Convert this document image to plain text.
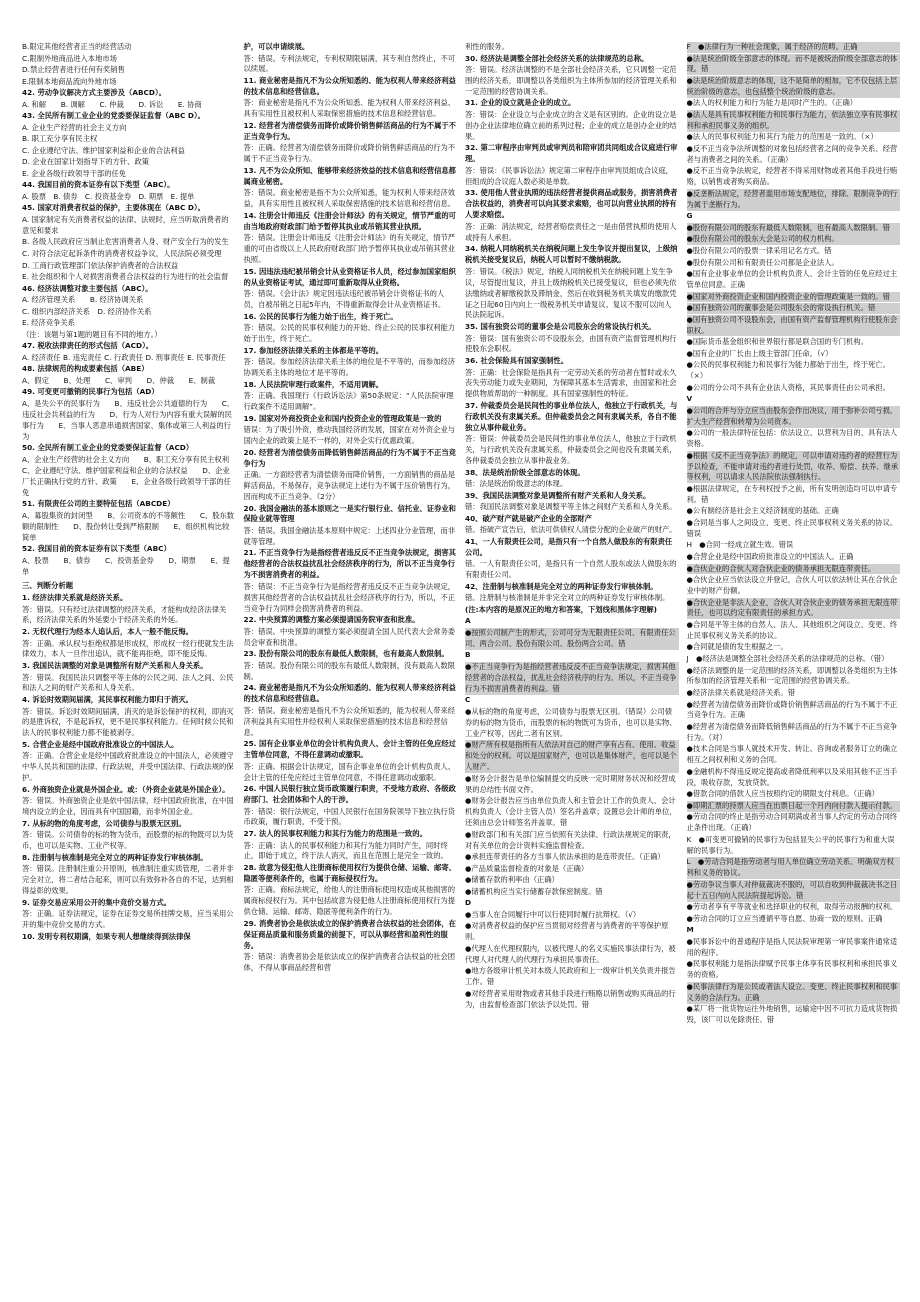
B.限定其他经营者正当的经营活动

C.限制外地商品进入本地市场

D.禁止经营者进行任何有奖销售

E.限制本地商品流向外地市场

42. 劳动争议解决方式主要涉及（ABCD）。

A. 和解　　B. 调解　　C. 仲裁　　D. 诉讼　　E. 协商

43. 全民所有制工业企业的党委要保证监督（ABC D）。

A. 企业生产经营的社会主义方向

B. 职工充分享有民主权

C. 企业遵纪守法、维护国家利益和企业的合法利益

D. 企业在国家计划指导下的方针、政策

E. 企业各级行政领导干部的任免

44. 我国目前的资本证券有以下类型（ABC）。

A. 股票　B. 债券　C. 投资基金券　D. 期票　E. 提单

45. 国家对消费者权益的保护，主要体现在（ABC D）。

A. 国家制定有关消费者权益的法律、法规时，应当听取消费者的意见和要求

B. 各级人民政府应当制止危害消费者人身、财产安全行为的发生

C. 对符合法定起诉条件的消费者权益争议，人民法院必须受理

D. 工商行政管理部门依法保护消费者的合法权益

E. 社会组织和个人对损害消费者合法权益的行为进行的社会监督

46. 经济法调整对象主要包括（ABC）。

A. 经济管理关系　　B. 经济协调关系

C. 组织内部经济关系　D. 经济协作关系

E. 经济竞争关系

（注：该题与第1题的题目有不同的地方。）

47. 税收法律责任的形式包括（ACD）。

A. 经济责任 B. 违宪责任 C. 行政责任 D. 刑事责任 E. 民事责任

48. 法律规范的构成要素包括（ABE）

A、假定　　B、处理　　C、审判　　D、仲裁　　E、制裁

49. 可变更可撤销的民事行为包括（AD）

A、是失公平的民事行为　　B、违反社会公共道德的行为　　C、违反社会共利益的行为　　D、行为人对行为内容有重大误解的民事行为　　E、当事人恶意串通损害国家、集体或第三人利益的行为

50. 全民所有制工业企业的党委要保证监督（ACD）

A、企业生产经营的社会主义方向　　B、职工充分享有民主权利　　C、企业遵纪守法、维护国家利益和企业的合法权益　　D、企业厂长正确执行党的方针、政策　　E、企业各级行政领导干部的任免

51. 有限责任公司的主要特征包括（ABCDE）

A、募股集资的封闭型　　B、公司资本的不等额性　　C、股东数额的限制性　　D、股份转让受到严格限制　　E、组织机构比较简单

52. 我国目前的资本证券有以下类型（ABC）

A、股票　　B、债券　　C、投资基金券　　D、期票　　E、提单

三、判断分析题

1. 经济法律关系就是经济关系。

答：错误。只有经过法律调整的经济关系，才能构成经济法律关系，经济法律关系的外延要小于经济关系的外延。

2. 无权代理行为经本人追认后，本人一般不能反悔。

答：正确。承认权与拒绝权都是形成权，形成权一经行使就发生法律效力，本人一旦作出追认，就不能再拒绝，即不能反悔。

3. 我国民法调整的对象是调整所有财产关系和人身关系。

答：错误。我国民法只调整平等主体的公民之间、法人之间、公民和法人之间的财产关系和人身关系。

4. 诉讼时效期间届满，其民事权利能力即归于消灭。

答：错误。诉讼时效期间届满，消灭的是诉讼保护的权利，即消灭的是胜诉权，不是起诉权，更不是民事权利能力。任何时候公民和法人的民事权利能力都不能被剥夺。

5. 合营企业是经中国政府批准设立的中国法人。

答：正确。合营企业是经中国政府批准设立的中国法人，必须遵守中华人民共和国的法律、行政法规，并受中国法律、行政法规的保护。

6. 外商独资企业就是外国企业。或：（外资企业就是外国企业）。

答：错误。外商独资企业是依中国法律，经中国政府批准，在中国境内设立的企业，因而具有中国国籍，而非外国企业。

7. 从标的物的角度考虑，公司债券与股票无区别。

答：错误。公司债券的标的物为货币，而股票的标的物既可以为货币，也可以是实物、工业产权等。

8. 注册制与核准制是完全对立的两种证券发行审核体制。

答：错误。注册制注重公开原则，核准制注重实质管理，二者并非完全对立，将二者结合起来，则可以有效弥补各自的不足，达到相得益彰的效果。

9. 证券交易应采用公开的集中竞价交易方式。

答：正确。证券法规定，证券在证券交易所挂牌交易，应当采用公开的集中竞价交易的方式。

10. 发明专利权期满，如果专利人想继续得到法律保

护，可以申请续展。

答：错误。专利法规定，专利权期限届满，其专利自然终止，不可以续展。

11. 商业秘密是指凡不为公众所知悉的、能为权利人带来经济利益的技术信息和经营信息。

答：商业秘密是指凡不为公众所知悉、能为权利人带来经济利益、具有实用性且被权利人采取保密措施的技术信息和经营信息。

12. 经营者为清偿债务而降价或降价销售鲜活商品的行为不属于不正当竞争行为。

答：正确。经营者为清偿债务而降价或降价销售鲜活商品的行为不属于不正当竞争行为。

13. 凡不为公众所知、能够带来经济效益的技术信息和经营信息都属商业秘密。

答：错误。商业秘密是指不为公众所知悉，能为权利人带来经济效益，具有实用性且被权利人采取保密措施的技术信息和经营信息。

14. 注册会计师违反《注册会计师法》的有关规定，情节严重的可由当地政府财政部门给予暂停其执业或吊销其营业执照。

答：错误。注册会计师违反《注册会计师法》的有关规定，情节严重的可由省级以上人民政府财政部门给予暂停其执业或吊销其营业执照。

15. 因违法违纪被吊销会计从业资格证书人员，经过参加国家组织的从业资格证考试，通过即可重新取得从业资格。

答：错误。《会计法》规定因违法违纪被吊销会计资格证书的人员，自被吊销之日起5年内，不得重新取得会计从业资格证书。

16. 公民的民事行为能力始于出生，终于死亡。

答：错误。公民的民事权利能力的开始、终止公民的民事权利能力始于出生，终于死亡。

17. 参加经济法律关系的主体都是平等的。

答：错误。参加经济法律关系主体的地位是不平等的，而参加经济协调关系主体的地位才是平等的。

18. 人民法院审理行政案件，不适用调解。

答：正确。我国现行《行政诉讼法》第50条规定：“人民法院审理行政案件不适用调解”。

19. 国家对外商投资企业和国内投资企业的管理政策是一致的

错误：为了吸引外资，推动我国经济的发展，国家在对外资企业与国内企业的政策上是不一样的，对外企实行优惠政策。

20. 经营者为清偿债务而降低销售鲜活商品的行为不属于不正当竞争行为

正确。一方面经营者为清偿债务而降价销售，一方面销售的商品是鲜活商品，不易保存，竞争法规定上述行为不属于压价销售行为，因而构成不正当竞争。（2分）

20. 我国金融法的基本原则之一是实行银行业、信托业、证券业和保险业就等管理

答：错误。我国金融法基本原则中规定：上述四业分业管理，而非就等管理。

21. 不正当竞争行为是指经营者违反反不正当竞争法规定，损害其他经营者的合法权益扰乱社会经济秩序的行为，所以不正当竞争行为不损害消费者的利益。

答：错误：不正当竞争行为是指经营者违反反不正当竞争法规定，损害其他经营者的合法权益扰乱社会经济秩序的行为，所以，不正当竞争行为同样会损害消费者的利益。

22. 中央预算的调整方案必须提请国务院审查和批准。

答：错误。中央预算的调整方案必须提请全国人民代表大会常务委员会审查和批准。

23. 股份有限公司的股东有最低人数限制，也有最高人数限制。

答：错误。股份有限公司的股东有最低人数限制，没有最高人数限制。

24. 商业秘密是指凡不为公众所知悉的、能为权利人带来经济利益的技术信息和经营信息。

答：错误。商业秘密是指凡不为公众所知悉的，能为权利人带来经济利益具有实用性并经权利人采取保密措施的技术信息和经营信息。

25. 国有企业事业单位的会计机构负责人、会计主管的任免应经过主管单位同意，不得任意调动或撤职。

答：正确。根据会计法规定，国有企事业单位的会计机构负责人、会计主管的任免应经过主管单位同意，不得任意调动或撤职。

26. 中国人民银行独立货币政策履行职责，不受地方政府、各级政府部门、社会团体和个人的干涉。

答：错误：银行法规定，中国人民银行在国务院领导下独立执行货币政策，履行职责，不受干预。

27. 法人的民事权利能力和其行为能力的范围是一致的。

答：正确：法人的民事权利能力和其行为能力同时产生，同时终止，即始于成立，终于法人消灭，而且在范围上是完全一致的。

28. 故意为侵犯他人注册商标使用权行为提供仓储、运输、邮寄、隐匿等便利条件的，也属于商标侵权行为。

答：正确。商标法规定，给他人的注册商标使用权造成其他损害的属商标侵权行为。其中包括故意为侵犯他人注册商标使用权行为提供仓储、运输、邮寄、隐匿等便利条件的行为。

29. 消费者协会是依法成立的保护消费者合法权益的社会团体，在保证商品质量和服务质量的前提下，可以从事经营和盈利性的服务。

答：错误：消费者协会是依法成立的保护消费者合法权益的社会团体，不得从事商品经营和营

利性的服务。

30. 经济法是调整全部社会经济关系的法律规范的总称。

答：错误。经济法调整的不是全部社会经济关系，它只调整一定范围的经济关系，即调整以各类组织为主体所参加的经济管理关系和一定范围的经营协调关系。

31. 企业的设立就是企业的成立。

答：错误：企业设立与企业成立的含义是有区别的。企业的设立是创办企业法律地位确立前的系列过程；企业的成立是创办企业的结果。

32. 第二审程序由审判员或审判员和陪审团共同组成合议庭进行审理。

答：错误：《民事诉讼法》规定第二审程序由审判员组成合议庭，但组成的合议庭人数必须是单数。

33. 使用他人营业执照的违法经营者提供商品或服务，损害消费者合法权益的，消费者可以向其要求索赔，也可以向营业执照的持有人要求赔偿。

答：正确：消法规定，经营者赔偿责任之一是由借营执照的使用人或持有人承担。

34. 纳税人同纳税机关在纳税问题上发生争议并提出复议，上级纳税机关接受复议后，纳税人可以暂时不缴纳税款。

答：错误。《税法》规定，纳税人同纳税机关在纳税问题上发生争议，尽管提出复议，并且上级纳税机关已接受复议，但也必须先依法缴纳或者解缴税款及滞纳金，然后在收到税务机关填发的缴款凭证之日起60日内向上一级税务机关申请复议。复议不服可以向人民法院起诉。

35. 国有独资公司的董事会是公司股东会的常设执行机关。

答：错误：国有独资公司不设股东会，由国有资产监督管理机构行使股东会职权。

36. 社会保险具有国家强制性。

答：正确：社会保险是指具有一定劳动关系的劳动者在暂时或永久丧失劳动能力或失业期间，为保障其基本生活需求，由国家和社会提供物质帮助的一种制度。具有国家强制性的特征。

37. 仲裁委员会是民间性的事业单位法人，他独立于行政机关，与行政机关没有隶属关系。但仲裁委员会之间有隶属关系，各自不能独立从事仲裁业务。

答：错误：仲裁委员会是民间性的事业单位法人，他独立于行政机关，与行政机关没有隶属关系，仲裁委员会之间也没有隶属关系，各仲裁委员会独立从事仲裁业务。

38、法是统治阶级全部意志的体现。

错：法是统治阶级意志的体现。

39、我国民法调整对象是调整所有财产关系和人身关系。

错：我国民法调整对象是调整平等主体之间财产关系和人身关系。

40、破产财产就是破产企业的全部财产

错。指破产宣告后，依法可供债权人清偿分配的企业破产的财产。

41、一人有限责任公司，是指只有一个自然人做股东的有限责任公司。

错。一人有限责任公司，是指只有一个自然人股东或法人做股东的有限责任公司。

42、注册制与核准制是完全对立的两种证券发行审核体制。

错。注册制与核准制是并非完全对立的两种证券发行审核体制。

(注:本内容的是原况正的地方和答案，下划线和黑体字理解)

A

●按照公司制产生的形式，公司可分为无限责任公司、有限责任公司、两合公司、股份有限公司、股份两合公司。错

B

●不正当竞争行为是指经营者违反反不正当竞争法规定，损害其他经营者的合法权益，扰乱社会经济秩序的行为。所以，不正当竞争行为不损害消费者的利益。错

C

●从标的物的角度考虑，公司债券与股票无区别。（错误）公司债券的标的物为货币，而股票的标的物既可为货币，也可以是实物、工业产权等，因此二者有区别。

●财产所有权是指所有人依法对自己的财产享有占有、使用、收益和处分的权利。可以是国家财产，也可以是集体财产，也可以是个人财产。

●财务会计报告是单位编制提交的反映一定时期财务状况和经营成果的总结性书面文件。

●财务会计报告应当由单位负责人和主管会计工作的负责人、会计机构负责人（会计主管人员）签名并盖章；设置总会计师的单位，还须由总会计师签名并盖章。错

●财政部门和有关部门应当依照有关法律、行政法规规定的职责，对有关单位的会计资料实施监督检查。

●承担连带责任的各方当事人依法承担的是连带责任。（正确）

●产品质量监督检查的对象是（正确）

●储蓄存款的利率由（正确）

●储蓄机构应当实行储蓄存款保密制度。错

D

●当事人在合同履行中可以行使同时履行抗辩权。（√）

●对消费者权益的保护应当贯彻对经营者与消费者的平等保护原则。

●代理人在代理权限内，以被代理人的名义实施民事法律行为，被代理人对代理人的代理行为承担民事责任。

●地方各级审计机关对本级人民政府和上一级审计机关负责并报告工作。错

●对经营者采用财物或者其他手段进行贿赂以销售或购买商品的行为，由监督检查部门依法予以处罚。错

F　●法律行为一种社会现象，属于经济的范畴。正确

●法是统治阶级全部意志的体现。而不是被统治阶级全部意志的体现。错

●法是统治阶级意志的体现，这不是简单的相加，它不仅包括上层统治阶级的意志，也包括整个统治阶级的意志。

●法人的权利能力和行为能力是同时产生的。（正确）

●法人是具有民事权利能力和民事行为能力，依法独立享有民事权利和承担民事义务的组织。

●法人的民事权利能力和其行为能力的范围是一致的。（×）

●反不正当竞争法所调整的对象包括经营者之间的竞争关系、经营者与消费者之间的关系。（正确）

●反不正当竞争法规定，经营者不得采用财物或者其他手段进行贿赂，以销售或者购买商品。

●反垄断法规定，经营者滥用市场支配地位，排除、限制竞争的行为属于垄断行为。

G

●股份有限公司的股东有最低人数限制，也有最高人数限制。错

●股份有限公司的股东大会是公司的权力机构。

●股份有限公司的股票一律采用记名方式。错

●股份有限公司和有限责任公司都是企业法人。

●国有企业事业单位的会计机构负责人、会计主管的任免应经过主管单位同意。正确

●国家对外商投资企业和国内投资企业的管理政策是一致的。错

●国有独资公司的董事会是公司股东会的常设执行机关。错

●国有独资公司不设股东会，由国有资产监督管理机构行使股东会职权。

●国际货币基金组织和世界银行都是联合国的专门机构。

●国有企业的厂长由上级主管部门任命。（√）

●公民的民事权利能力和民事行为能力都始于出生，终于死亡。（×）

●公司的分公司不具有企业法人资格，其民事责任由公司承担。

V

●公司的合并与分立应当由股东会作出决议，用于弥补公司亏损、扩大生产经营和转增为公司资本。

●公司的一般法律特征包括：依法设立、以营利为目的、具有法人资格。

●根据《反不正当竞争法》的规定，可以申请对违约者的经营行为予以检查，不能申请对违约者进行处罚，收养、赔偿、扶养、继承等权利，可以请求人民法院依法强制执行。

●根据法律规定，在专利权授予之前，所有发明创造均可以申请专利。错

●公有制经济是社会主义经济制度的基础。正确

●合同是当事人之间设立、变更、终止民事权利义务关系的协议。错误

H　●合同一经成立就生效。错误

●合营企业是经中国政府批准设立的中国法人。正确

●合伙企业的合伙人对合伙企业的债务承担无限连带责任。

●合伙企业应当依法设立并登记，合伙人可以依法转让其在合伙企业中的财产份额。

●合伙企业是非法人企业，合伙人对合伙企业的债务承担无限连带责任，也可以约定有限责任的承担方式。

●合同是平等主体的自然人、法人、其他组织之间设立、变更、终止民事权利义务关系的协议。

●合同就是债的发生根据之一。

J　●经济法是调整全部社会经济关系的法律规范的总称。（错）

●经济法调整的是一定范围的经济关系，即调整以各类组织为主体所参加的经济管理关系和一定范围的经营协调关系。

●经济法律关系就是经济关系。错

●经营者为清偿债务而降价或降价销售鲜活商品的行为不属于不正当竞争行为。正确

●经营者为清偿债务而降低销售鲜活商品的行为不属于不正当竞争行为。（对）

●技术合同是当事人就技术开发、转让、咨询或者服务订立的确立相互之间权利和义务的合同。

●金融机构不得违反规定提高或者降低利率以及采用其他不正当手段，吸收存款，发放贷款。

●借款合同的借款人应当按照约定的期限支付利息。（正确）

●即期汇票的持票人应当在出票日起一个月内向付款人提示付款。

●劳动合同的终止是指劳动合同期满或者当事人约定的劳动合同终止条件出现。（正确）

K　●可变更可撤销的民事行为包括显失公平的民事行为和重大误解的民事行为。

L　●劳动合同是指劳动者与用人单位确立劳动关系、明确双方权利和义务的协议。

●劳动争议当事人对仲裁裁决不服的，可以自收到仲裁裁决书之日起十五日内向人民法院提起诉讼。错

●劳动者享有平等就业和选择职业的权利，取得劳动报酬的权利。

●劳动合同的订立应当遵循平等自愿、协商一致的原则。正确

M

●民事诉讼中的普通程序是指人民法院审理第一审民事案件通常适用的程序。

●民事权利能力是指法律赋予民事主体享有民事权利和承担民事义务的资格。

●民事法律行为是公民或者法人设立、变更、终止民事权利和民事义务的合法行为。正确

●某厂将一批货物运往外地销售，运输途中因不可抗力造成货物损毁，该厂可以免除责任。错
